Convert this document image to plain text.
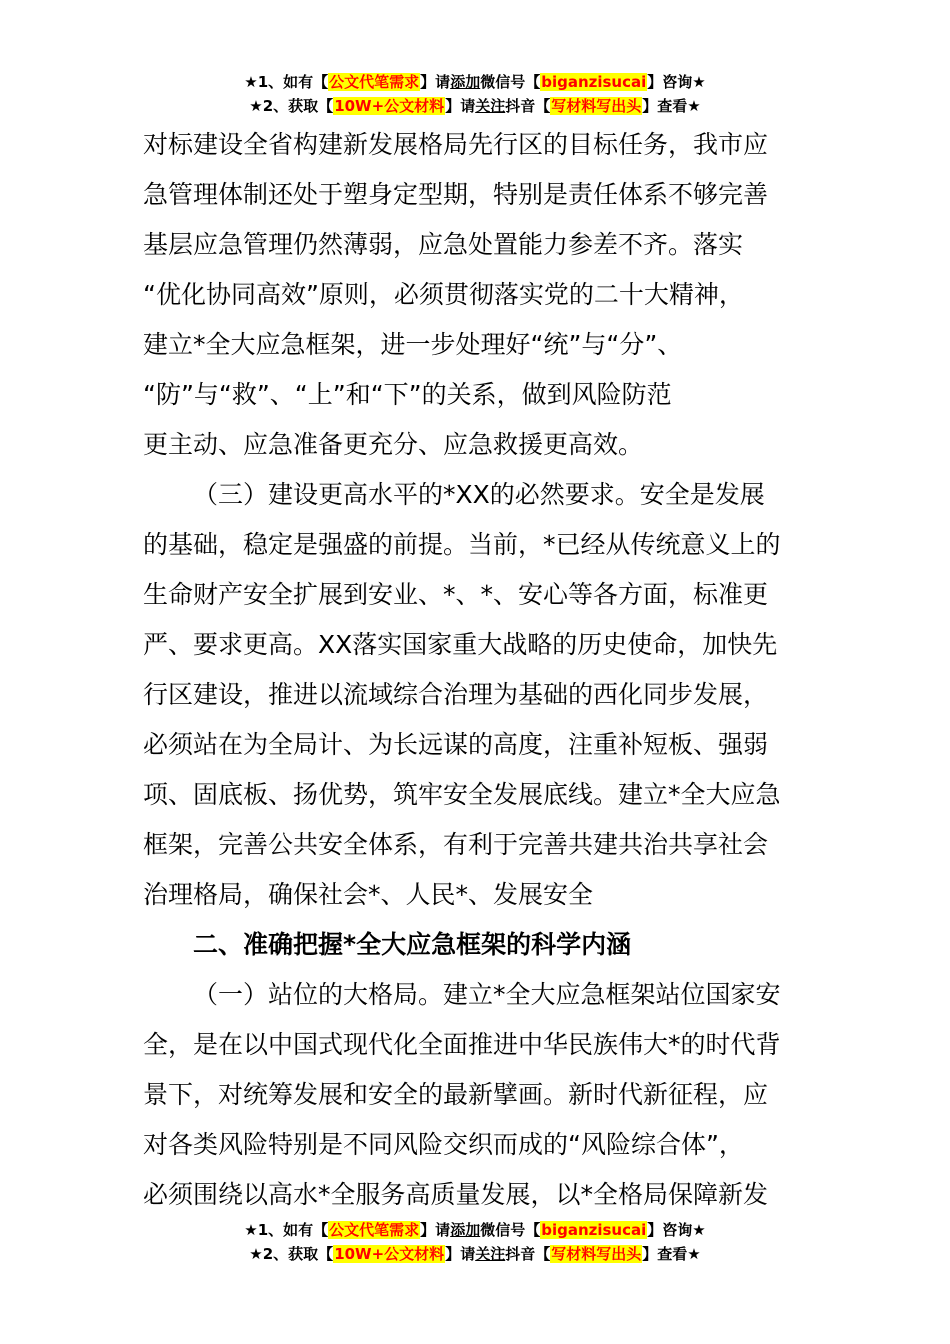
★1、如有【公文代笔需求】请添加微信号【biganzisucai】咨询★
★2、获取【10W+公文材料】请关注抖音【写材料写出头】查看★

对标建设全省构建新发展格局先行区的目标任务，我市应
急管理体制还处于塑身定型期，特别是责任体系不够完善
基层应急管理仍然薄弱，应急处置能力参差不齐。落实
“优化协同高效”原则，必须贯彻落实党的二十大精神，
建立*全大应急框架，进一步处理好“统”与“分”、
“防”与“救”、“上”和“下”的关系，做到风险防范
更主动、应急准备更充分、应急救援更高效。

（三）建设更高水平的*XX的必然要求。安全是发展
的基础，稳定是强盛的前提。当前，*已经从传统意义上的
生命财产安全扩展到安业、*、*、安心等各方面，标准更
严、要求更高。XX落实国家重大战略的历史使命，加快先
行区建设，推进以流域综合治理为基础的西化同步发展，
必须站在为全局计、为长远谋的高度，注重补短板、强弱
项、固底板、扬优势，筑牢安全发展底线。建立*全大应急
框架，完善公共安全体系，有利于完善共建共治共享社会
治理格局，确保社会*、人民*、发展安全

二、准确把握*全大应急框架的科学内涵

（一）站位的大格局。建立*全大应急框架站位国家安
全，是在以中国式现代化全面推进中华民族伟大*的时代背
景下，对统筹发展和安全的最新擘画。新时代新征程，应
对各类风险特别是不同风险交织而成的“风险综合体”，
必须围绕以高水*全服务高质量发展，以*全格局保障新发

★1、如有【公文代笔需求】请添加微信号【biganzisucai】咨询★
★2、获取【10W+公文材料】请关注抖音【写材料写出头】查看★
